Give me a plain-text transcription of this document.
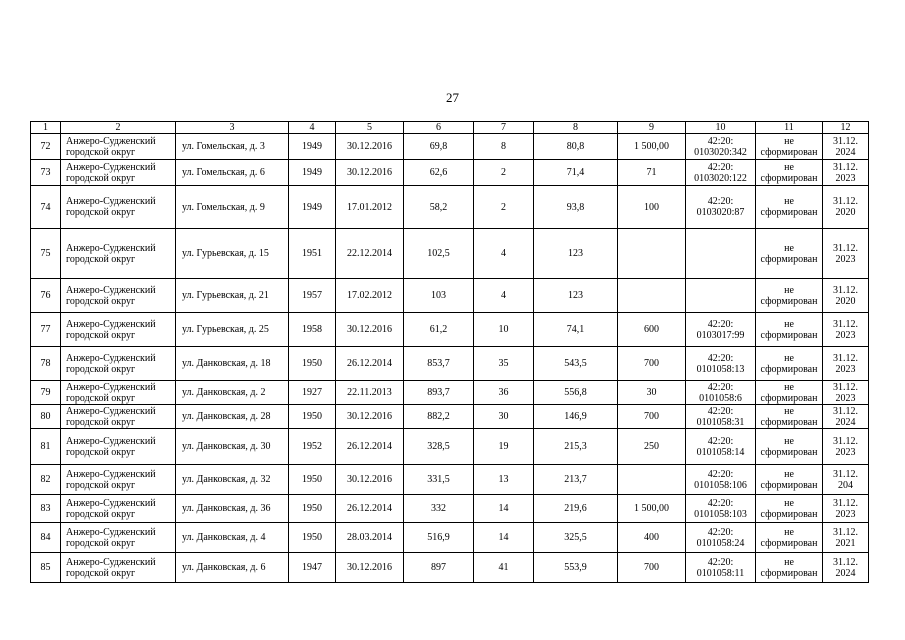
27
1	2	3	4	5	6	7	8	9	10	11	12
72	Анжеро-Судженский городской округ	ул. Гомельская, д. 3	1949	30.12.2016	69,8	8	80,8	1 500,00	42:20: 0103020:342	не сформирован	31.12. 2024
73	Анжеро-Судженский городской округ	ул. Гомельская, д. 6	1949	30.12.2016	62,6	2	71,4	71	42:20: 0103020:122	не сформирован	31.12. 2023
74	Анжеро-Судженский городской округ	ул. Гомельская, д. 9	1949	17.01.2012	58,2	2	93,8	100	42:20: 0103020:87	не сформирован	31.12. 2020
75	Анжеро-Судженский городской округ	ул. Гурьевская, д. 15	1951	22.12.2014	102,5	4	123			не сформирован	31.12. 2023
76	Анжеро-Судженский городской округ	ул. Гурьевская, д. 21	1957	17.02.2012	103	4	123			не сформирован	31.12. 2020
77	Анжеро-Судженский городской округ	ул. Гурьевская, д. 25	1958	30.12.2016	61,2	10	74,1	600	42:20: 0103017:99	не сформирован	31.12. 2023
78	Анжеро-Судженский городской округ	ул. Данковская, д. 18	1950	26.12.2014	853,7	35	543,5	700	42:20: 0101058:13	не сформирован	31.12. 2023
79	Анжеро-Судженский городской округ	ул. Данковская, д. 2	1927	22.11.2013	893,7	36	556,8	30	42:20: 0101058:6	не сформирован	31.12. 2023
80	Анжеро-Судженский городской округ	ул. Данковская, д. 28	1950	30.12.2016	882,2	30	146,9	700	42:20: 0101058:31	не сформирован	31.12. 2024
81	Анжеро-Судженский городской округ	ул. Данковская, д. 30	1952	26.12.2014	328,5	19	215,3	250	42:20: 0101058:14	не сформирован	31.12. 2023
82	Анжеро-Судженский городской округ	ул. Данковская, д. 32	1950	30.12.2016	331,5	13	213,7		42:20: 0101058:106	не сформирован	31.12. 204
83	Анжеро-Судженский городской округ	ул. Данковская, д. 36	1950	26.12.2014	332	14	219,6	1 500,00	42:20: 0101058:103	не сформирован	31.12. 2023
84	Анжеро-Судженский городской округ	ул. Данковская, д. 4	1950	28.03.2014	516,9	14	325,5	400	42:20: 0101058:24	не сформирован	31.12. 2021
85	Анжеро-Судженский городской округ	ул. Данковская, д. 6	1947	30.12.2016	897	41	553,9	700	42:20: 0101058:11	не сформирован	31.12. 2024
